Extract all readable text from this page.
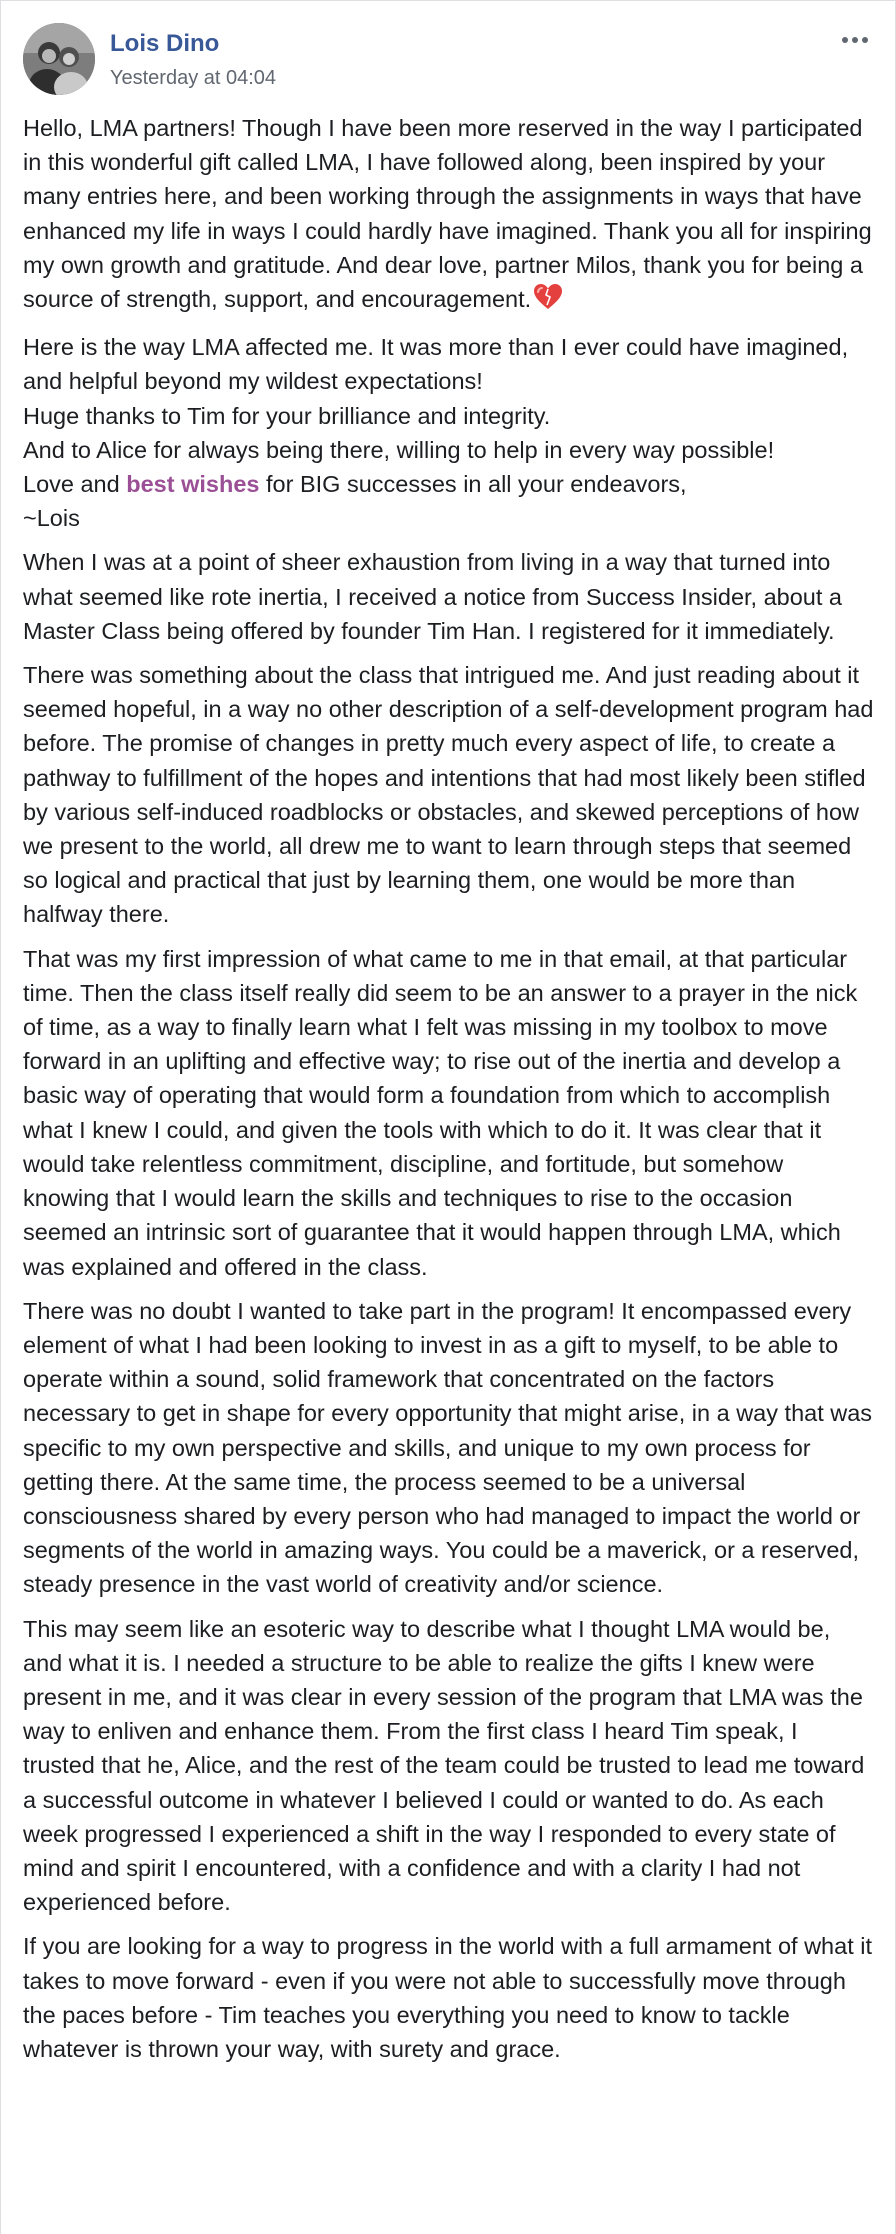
Lois Dino
Yesterday at 04:04

Hello, LMA partners! Though I have been more reserved in the way I participated in this wonderful gift called LMA, I have followed along, been inspired by your many entries here, and been working through the assignments in ways that have enhanced my life in ways I could hardly have imagined. Thank you all for inspiring my own growth and gratitude. And dear love, partner Milos, thank you for being a source of strength, support, and encouragement.

Here is the way LMA affected me. It was more than I ever could have imagined, and helpful beyond my wildest expectations!
Huge thanks to Tim for your brilliance and integrity.
And to Alice for always being there, willing to help in every way possible!
Love and best wishes for BIG successes in all your endeavors,
~Lois

When I was at a point of sheer exhaustion from living in a way that turned into what seemed like rote inertia, I received a notice from Success Insider, about a Master Class being offered by founder Tim Han. I registered for it immediately.

There was something about the class that intrigued me. And just reading about it seemed hopeful, in a way no other description of a self-development program had before. The promise of changes in pretty much every aspect of life, to create a pathway to fulfillment of the hopes and intentions that had most likely been stifled by various self-induced roadblocks or obstacles, and skewed perceptions of how we present to the world, all drew me to want to learn through steps that seemed so logical and practical that just by learning them, one would be more than halfway there.

That was my first impression of what came to me in that email, at that particular time. Then the class itself really did seem to be an answer to a prayer in the nick of time, as a way to finally learn what I felt was missing in my toolbox to move forward in an uplifting and effective way; to rise out of the inertia and develop a basic way of operating that would form a foundation from which to accomplish what I knew I could, and given the tools with which to do it. It was clear that it would take relentless commitment, discipline, and fortitude, but somehow knowing that I would learn the skills and techniques to rise to the occasion seemed an intrinsic sort of guarantee that it would happen through LMA, which was explained and offered in the class.

There was no doubt I wanted to take part in the program! It encompassed every element of what I had been looking to invest in as a gift to myself, to be able to operate within a sound, solid framework that concentrated on the factors necessary to get in shape for every opportunity that might arise, in a way that was specific to my own perspective and skills, and unique to my own process for getting there. At the same time, the process seemed to be a universal consciousness shared by every person who had managed to impact the world or segments of the world in amazing ways. You could be a maverick, or a reserved, steady presence in the vast world of creativity and/or science.

This may seem like an esoteric way to describe what I thought LMA would be, and what it is. I needed a structure to be able to realize the gifts I knew were present in me, and it was clear in every session of the program that LMA was the way to enliven and enhance them. From the first class I heard Tim speak, I trusted that he, Alice, and the rest of the team could be trusted to lead me toward a successful outcome in whatever I believed I could or wanted to do. As each week progressed I experienced a shift in the way I responded to every state of mind and spirit I encountered, with a confidence and with a clarity I had not experienced before.

If you are looking for a way to progress in the world with a full armament of what it takes to move forward - even if you were not able to successfully move through the paces before - Tim teaches you everything you need to know to tackle whatever is thrown your way, with surety and grace.
